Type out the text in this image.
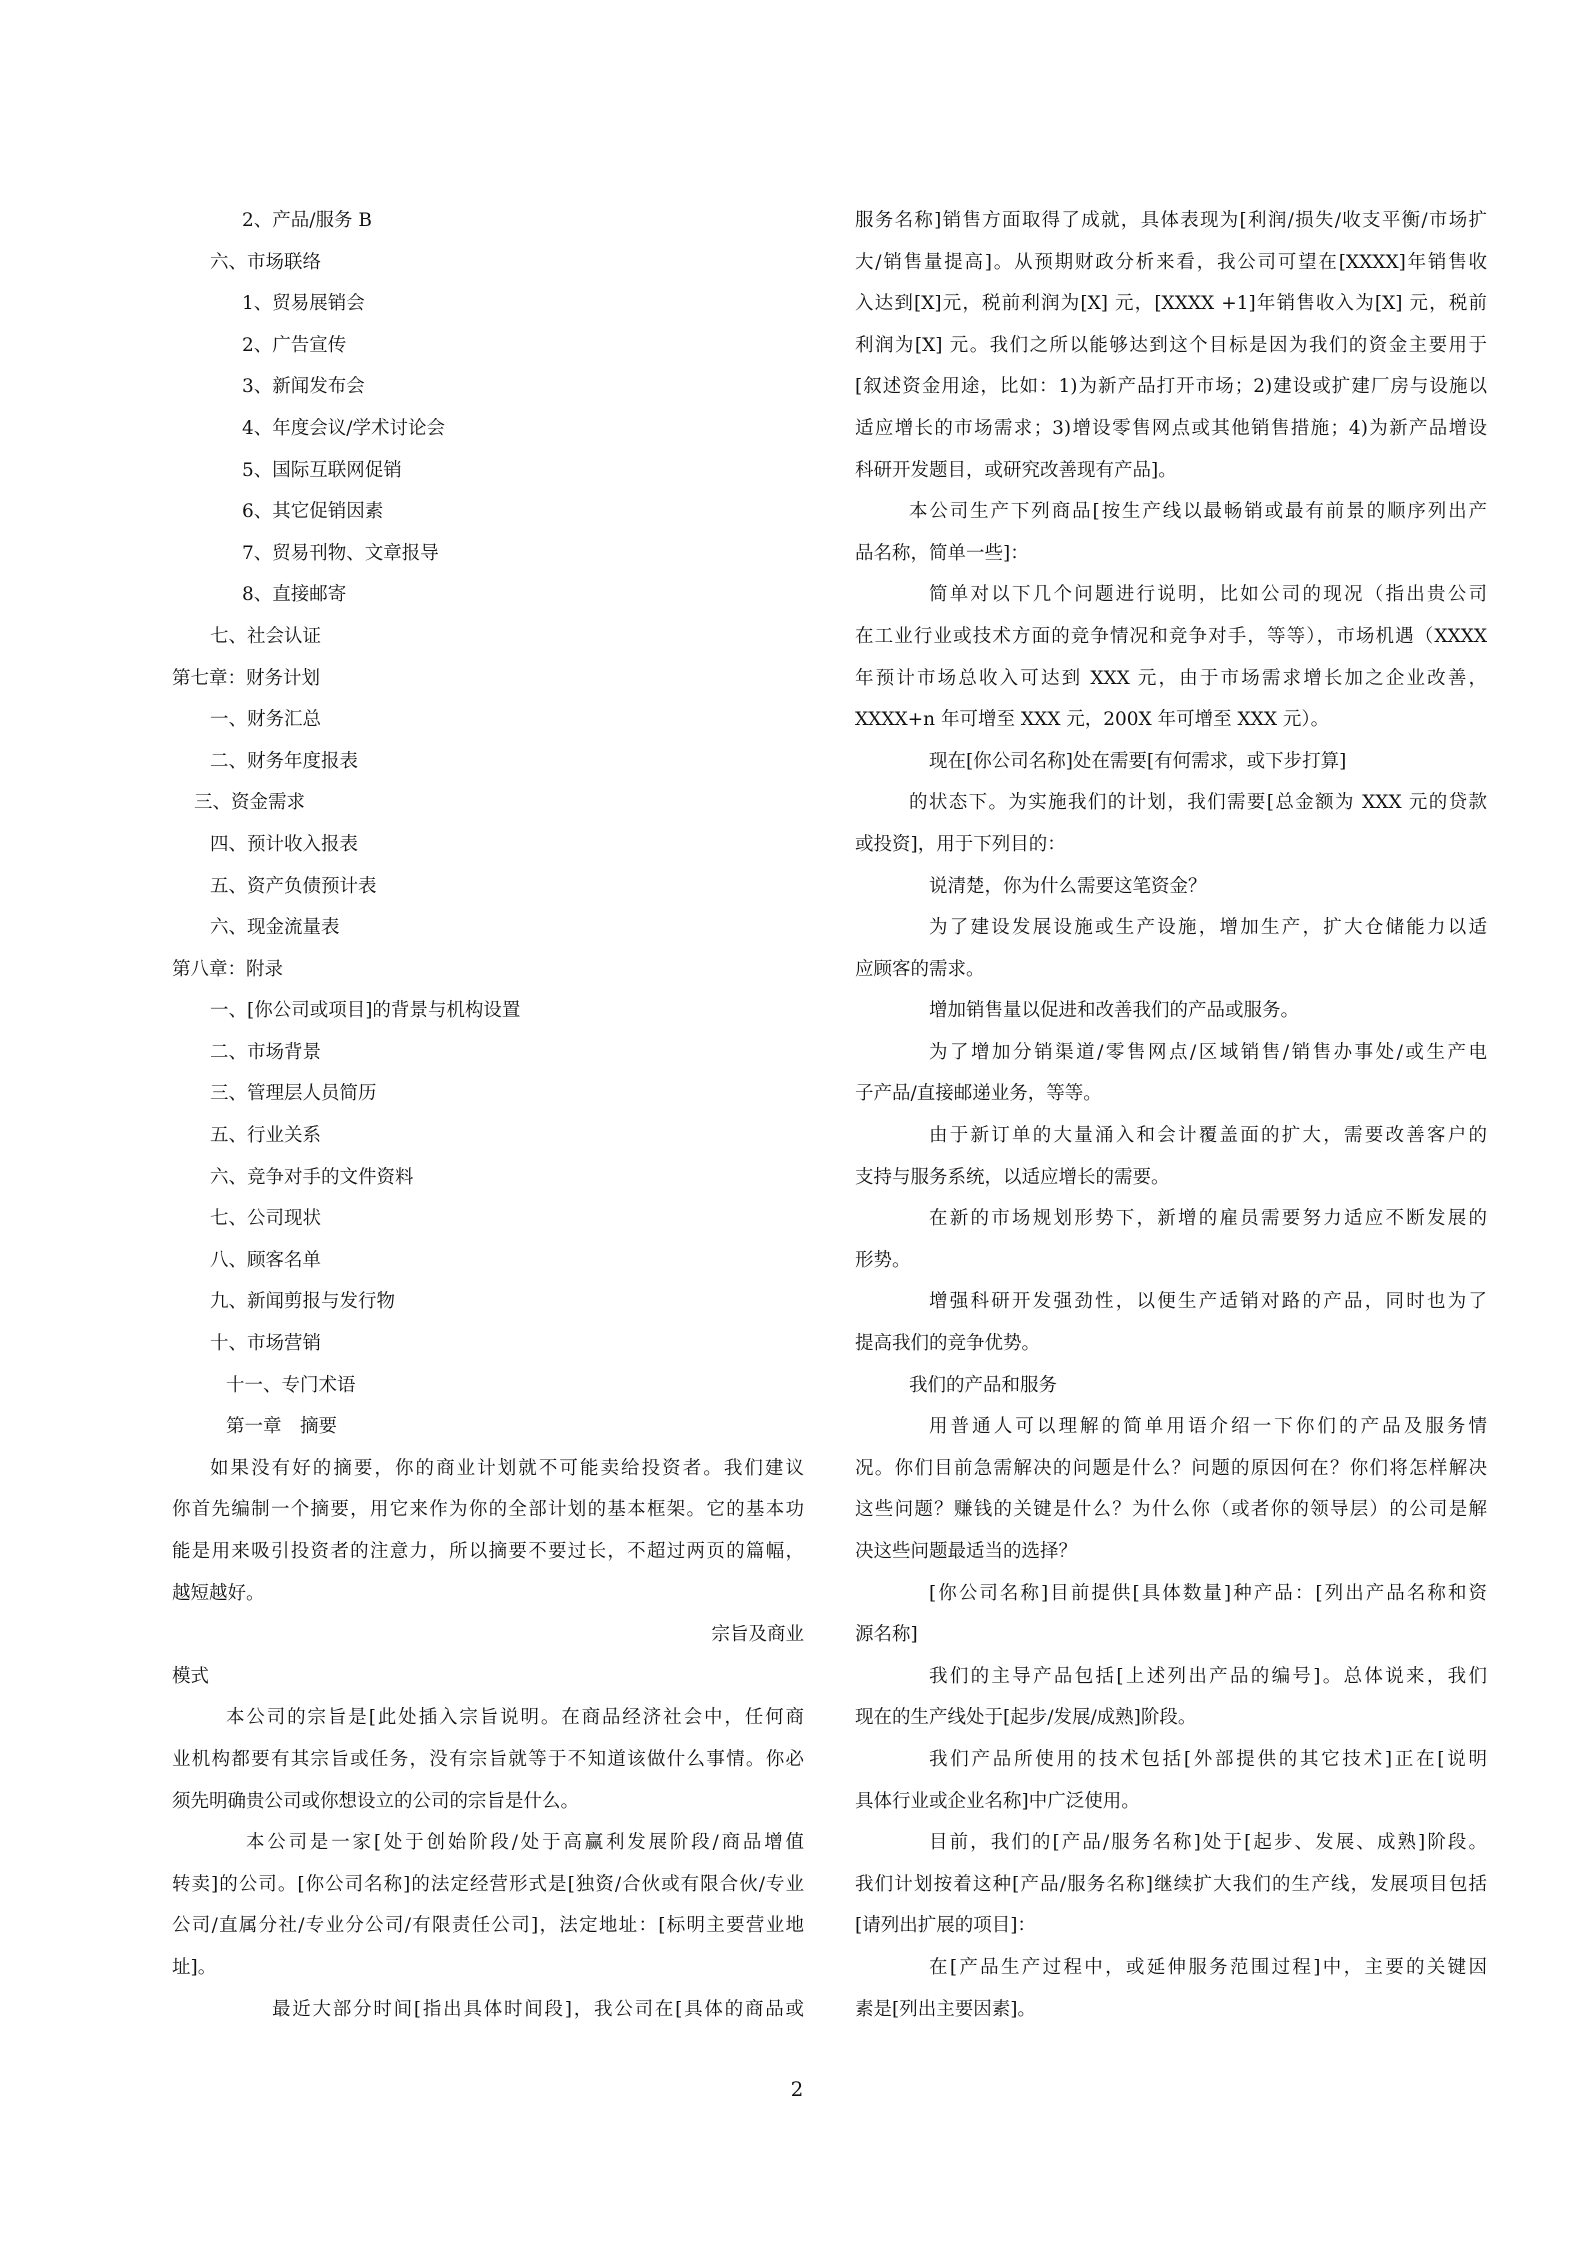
2、产品/服务 B
六、市场联络
1、贸易展销会
2、广告宣传
3、新闻发布会
4、年度会议/学术讨论会
5、国际互联网促销
6、其它促销因素
7、贸易刊物、文章报导
8、直接邮寄
七、社会认证
第七章：财务计划
一、财务汇总
二、财务年度报表
三、资金需求
四、预计收入报表
五、资产负债预计表
六、现金流量表
第八章：附录
一、[你公司或项目]的背景与机构设置
二、市场背景
三、管理层人员简历
五、行业关系
六、竞争对手的文件资料
七、公司现状
八、顾客名单
九、新闻剪报与发行物
十、市场营销
十一、专门术语
第一章　摘要
如果没有好的摘要，你的商业计划就不可能卖给投资者。我们建议
你首先编制一个摘要，用它来作为你的全部计划的基本框架。它的基本功
能是用来吸引投资者的注意力，所以摘要不要过长，不超过两页的篇幅，
越短越好。
宗旨及商业
模式
本公司的宗旨是[此处插入宗旨说明。在商品经济社会中，任何商
业机构都要有其宗旨或任务，没有宗旨就等于不知道该做什么事情。你必
须先明确贵公司或你想设立的公司的宗旨是什么。
本公司是一家[处于创始阶段/处于高赢利发展阶段/商品增值
转卖]的公司。[你公司名称]的法定经营形式是[独资/合伙或有限合伙/专业
公司/直属分社/专业分公司/有限责任公司]，法定地址：[标明主要营业地
址]。
最近大部分时间[指出具体时间段]，我公司在[具体的商品或
服务名称]销售方面取得了成就，具体表现为[利润/损失/收支平衡/市场扩
大/销售量提高]。从预期财政分析来看，我公司可望在[XXXX]年销售收
入达到[X]元，税前利润为[X] 元，[XXXX +1]年销售收入为[X] 元，税前
利润为[X] 元。我们之所以能够达到这个目标是因为我们的资金主要用于
[叙述资金用途，比如：1)为新产品打开市场；2)建设或扩建厂房与设施以
适应增长的市场需求；3)增设零售网点或其他销售措施；4)为新产品增设
科研开发题目，或研究改善现有产品]。
本公司生产下列商品[按生产线以最畅销或最有前景的顺序列出产
品名称，简单一些]：
简单对以下几个问题进行说明，比如公司的现况（指出贵公司
在工业行业或技术方面的竞争情况和竞争对手，等等），市场机遇（XXXX
年预计市场总收入可达到 XXX 元，由于市场需求增长加之企业改善，
XXXX+n 年可增至 XXX 元，200X 年可增至 XXX 元）。
现在[你公司名称]处在需要[有何需求，或下步打算]
的状态下。为实施我们的计划，我们需要[总金额为 XXX 元的贷款
或投资]，用于下列目的：
说清楚，你为什么需要这笔资金？
为了建设发展设施或生产设施，增加生产，扩大仓储能力以适
应顾客的需求。
增加销售量以促进和改善我们的产品或服务。
为了增加分销渠道/零售网点/区域销售/销售办事处/或生产电
子产品/直接邮递业务，等等。
由于新订单的大量涌入和会计覆盖面的扩大，需要改善客户的
支持与服务系统，以适应增长的需要。
在新的市场规划形势下，新增的雇员需要努力适应不断发展的
形势。
增强科研开发强劲性，以便生产适销对路的产品，同时也为了
提高我们的竞争优势。
我们的产品和服务
用普通人可以理解的简单用语介绍一下你们的产品及服务情
况。你们目前急需解决的问题是什么？问题的原因何在？你们将怎样解决
这些问题？赚钱的关键是什么？为什么你（或者你的领导层）的公司是解
决这些问题最适当的选择？
[你公司名称]目前提供[具体数量]种产品：[列出产品名称和资
源名称]
我们的主导产品包括[上述列出产品的编号]。总体说来，我们
现在的生产线处于[起步/发展/成熟]阶段。
我们产品所使用的技术包括[外部提供的其它技术]正在[说明
具体行业或企业名称]中广泛使用。
目前，我们的[产品/服务名称]处于[起步、发展、成熟]阶段。
我们计划按着这种[产品/服务名称]继续扩大我们的生产线，发展项目包括
[请列出扩展的项目]：
在[产品生产过程中，或延伸服务范围过程]中，主要的关键因
素是[列出主要因素]。
2
